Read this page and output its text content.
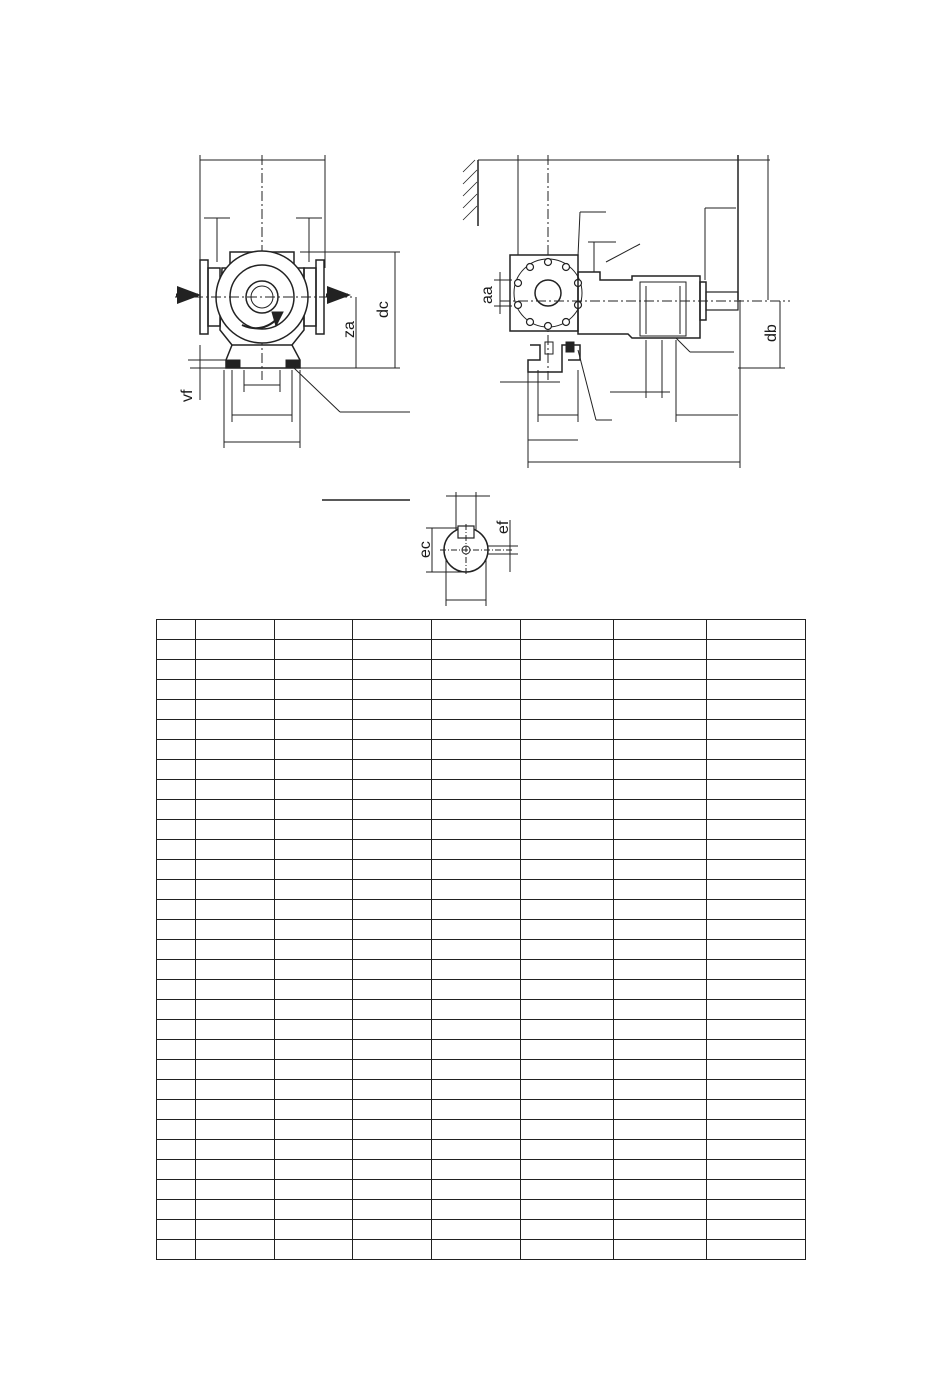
vf
za
dc
aa
db
ec
ef
